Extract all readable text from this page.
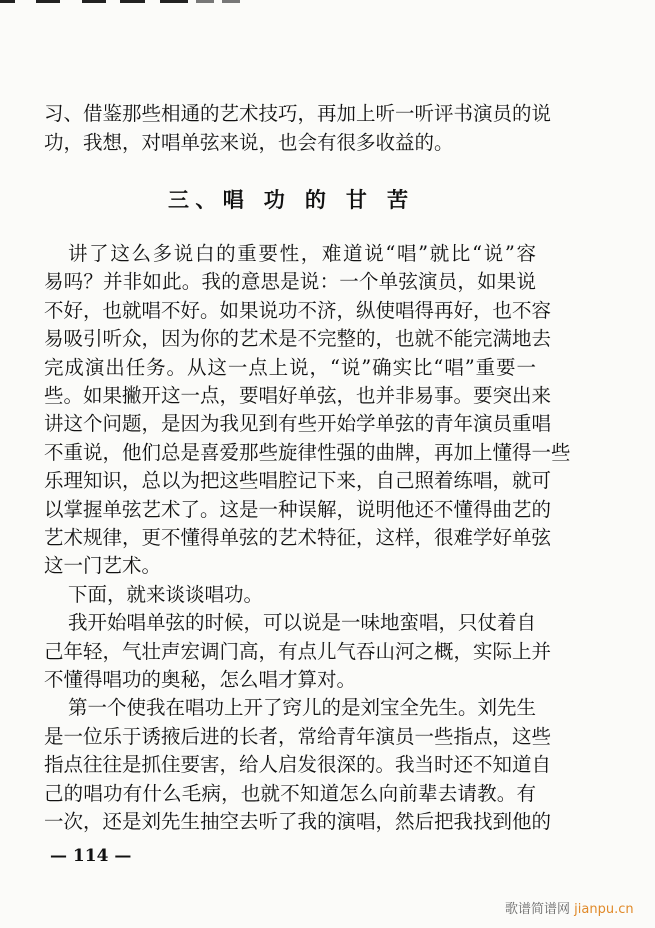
习、借鉴那些相通的艺术技巧，再加上听一听评书演员的说
功，我想，对唱单弦来说，也会有很多收益的。
三、唱 功 的 甘 苦
讲了这么多说白的重要性，难道说“唱”就比“说”容
易吗？并非如此。我的意思是说：一个单弦演员，如果说
不好，也就唱不好。如果说功不济，纵使唱得再好，也不容
易吸引听众，因为你的艺术是不完整的，也就不能完满地去
完成演出任务。从这一点上说，“说”确实比“唱”重要一
些。如果撇开这一点，要唱好单弦，也并非易事。要突出来
讲这个问题，是因为我见到有些开始学单弦的青年演员重唱
不重说，他们总是喜爱那些旋律性强的曲牌，再加上懂得一些
乐理知识，总以为把这些唱腔记下来，自己照着练唱，就可
以掌握单弦艺术了。这是一种误解，说明他还不懂得曲艺的
艺术规律，更不懂得单弦的艺术特征，这样，很难学好单弦
这一门艺术。
下面，就来谈谈唱功。
我开始唱单弦的时候，可以说是一味地蛮唱，只仗着自
己年轻，气壮声宏调门高，有点儿气吞山河之概，实际上并
不懂得唱功的奥秘，怎么唱才算对。
第一个使我在唱功上开了窍儿的是刘宝全先生。刘先生
是一位乐于诱掖后进的长者，常给青年演员一些指点，这些
指点往往是抓住要害，给人启发很深的。我当时还不知道自
己的唱功有什么毛病，也就不知道怎么向前辈去请教。有
一次，还是刘先生抽空去听了我的演唱，然后把我找到他的
— 114 —
歌谱简谱网 jianpu.cn
